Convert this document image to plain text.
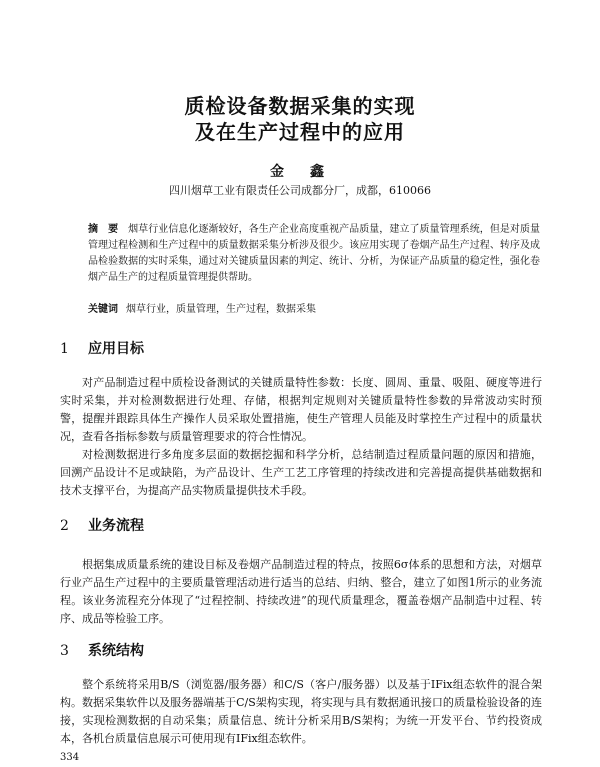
质检设备数据采集的实现
及在生产过程中的应用
金　鑫
四川烟草工业有限责任公司成都分厂，成都，610066
摘　要 烟草行业信息化逐渐较好，各生产企业高度重视产品质量，建立了质量管理系统，但是对质量管理过程检测和生产过程中的质量数据采集分析涉及很少。该应用实现了卷烟产品生产过程、转序及成品检验数据的实时采集，通过对关键质量因素的判定、统计、分析，为保证产品质量的稳定性，强化卷烟产品生产的过程质量管理提供帮助。
关键词 烟草行业，质量管理，生产过程，数据采集
1 应用目标

对产品制造过程中质检设备测试的关键质量特性参数：长度、圆周、重量、吸阻、硬度等进行实时采集，并对检测数据进行处理、存储，根据判定规则对关键质量特性参数的异常波动实时预警，提醒并跟踪具体生产操作人员采取处置措施，使生产管理人员能及时掌控生产过程中的质量状况，查看各指标参数与质量管理要求的符合性情况。

对检测数据进行多角度多层面的数据挖掘和科学分析，总结制造过程质量问题的原因和措施，回溯产品设计不足或缺陷，为产品设计、生产工艺工序管理的持续改进和完善提高提供基础数据和技术支撑平台，为提高产品实物质量提供技术手段。

2 业务流程

根据集成质量系统的建设目标及卷烟产品制造过程的特点，按照6σ体系的思想和方法，对烟草行业产品生产过程中的主要质量管理活动进行适当的总结、归纳、整合，建立了如图1所示的业务流程。该业务流程充分体现了“过程控制、持续改进”的现代质量理念，覆盖卷烟产品制造中过程、转序、成品等检验工序。

3 系统结构

整个系统将采用B/S（浏览器/服务器）和C/S（客户/服务器）以及基于IFix组态软件的混合架构。数据采集软件以及服务器端基于C/S架构实现，将实现与具有数据通讯接口的质量检验设备的连接，实现检测数据的自动采集；质量信息、统计分析采用B/S架构；为统一开发平台、节约投资成本，各机台质量信息展示可使用现有IFix组态软件。

334
